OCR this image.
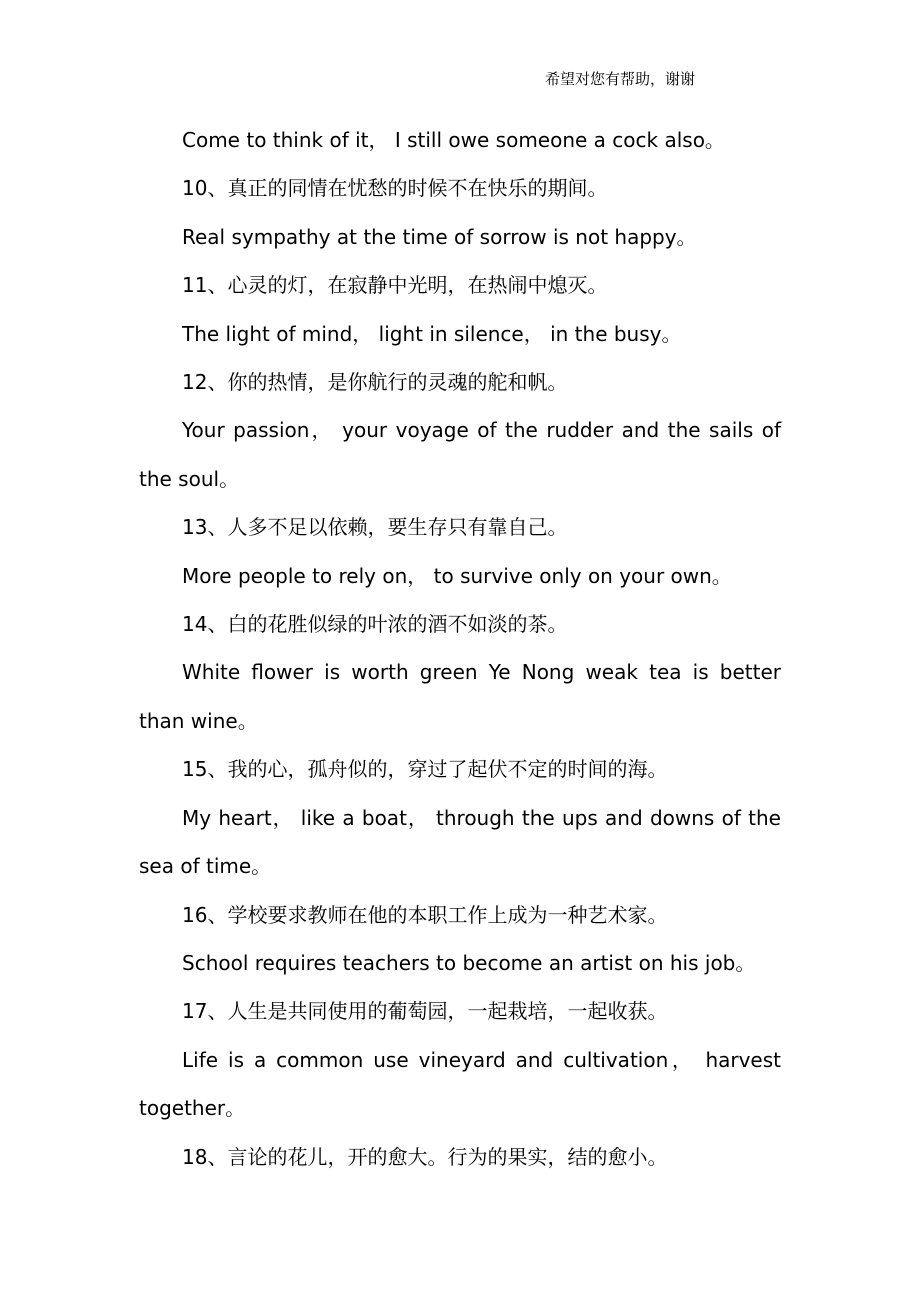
希望对您有帮助，谢谢

Come to think of it， I still owe someone a cock also。

10、真正的同情在忧愁的时候不在快乐的期间。

Real sympathy at the time of sorrow is not happy。

11、心灵的灯，在寂静中光明，在热闹中熄灭。

The light of mind， light in silence， in the busy。

12、你的热情，是你航行的灵魂的舵和帆。

Your passion， your voyage of the rudder and the sails of the soul。

13、人多不足以依赖，要生存只有靠自己。

More people to rely on， to survive only on your own。

14、白的花胜似绿的叶浓的酒不如淡的茶。

White flower is worth green Ye Nong weak tea is better than wine。

15、我的心，孤舟似的，穿过了起伏不定的时间的海。

My heart， like a boat， through the ups and downs of the sea of time。

16、学校要求教师在他的本职工作上成为一种艺术家。

School requires teachers to become an artist on his job。

17、人生是共同使用的葡萄园，一起栽培，一起收获。

Life is a common use vineyard and cultivation， harvest together。

18、言论的花儿，开的愈大。行为的果实，结的愈小。
